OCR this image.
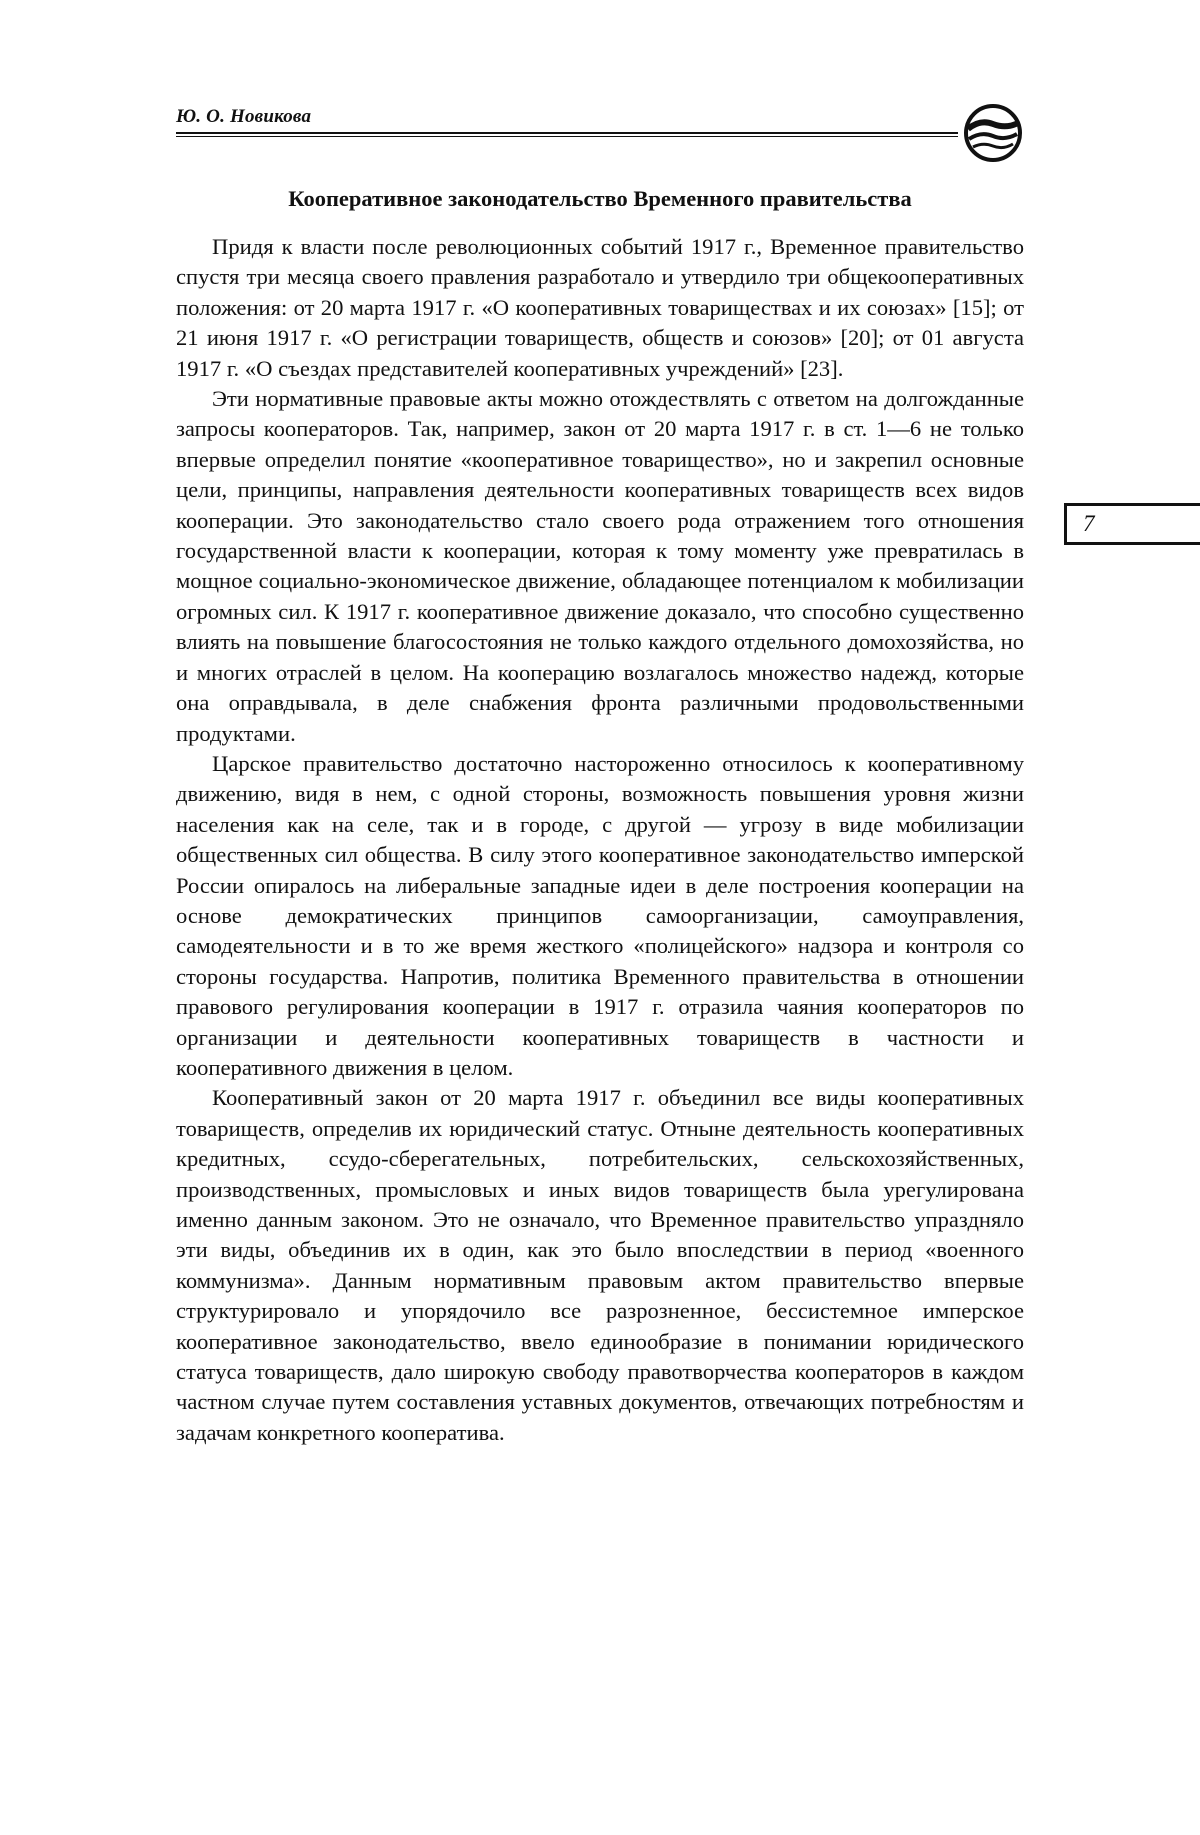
Ю. О. Новикова
7
Кооперативное законодательство Временного правительства

Придя к власти после революционных событий 1917 г., Временное правительство спустя три месяца своего правления разработало и утвердило три общекооперативных положения: от 20 марта 1917 г. «О кооперативных товариществах и их союзах» [15]; от 21 июня 1917 г. «О регистрации товариществ, обществ и союзов» [20]; от 01 августа 1917 г. «О съездах представителей кооперативных учреждений» [23].

Эти нормативные правовые акты можно отождествлять с ответом на долгожданные запросы кооператоров. Так, например, закон от 20 марта 1917 г. в ст. 1—6 не только впервые определил понятие «кооперативное товарищество», но и закрепил основные цели, принципы, направления деятельности кооперативных товариществ всех видов кооперации. Это законодательство стало своего рода отражением того отношения государственной власти к кооперации, которая к тому моменту уже превратилась в мощное социально-экономическое движение, обладающее потенциалом к мобилизации огромных сил. К 1917 г. кооперативное движение доказало, что способно существенно влиять на повышение благосостояния не только каждого отдельного домохозяйства, но и многих отраслей в целом. На кооперацию возлагалось множество надежд, которые она оправдывала, в деле снабжения фронта различными продовольственными продуктами.

Царское правительство достаточно настороженно относилось к кооперативному движению, видя в нем, с одной стороны, возможность повышения уровня жизни населения как на селе, так и в городе, с другой — угрозу в виде мобилизации общественных сил общества. В силу этого кооперативное законодательство имперской России опиралось на либеральные западные идеи в деле построения кооперации на основе демократических принципов самоорганизации, самоуправления, самодеятельности и в то же время жесткого «полицейского» надзора и контроля со стороны государства. Напротив, политика Временного правительства в отношении правового регулирования кооперации в 1917 г. отразила чаяния кооператоров по организации и деятельности кооперативных товариществ в частности и кооперативного движения в целом.

Кооперативный закон от 20 марта 1917 г. объединил все виды кооперативных товариществ, определив их юридический статус. Отныне деятельность кооперативных кредитных, ссудо-сберегательных, потребительских, сельскохозяйственных, производственных, промысловых и иных видов товариществ была урегулирована именно данным законом. Это не означало, что Временное правительство упраздняло эти виды, объединив их в один, как это было впоследствии в период «военного коммунизма». Данным нормативным правовым актом правительство впервые структурировало и упорядочило все разрозненное, бессистемное имперское кооперативное законодательство, ввело единообразие в понимании юридического статуса товариществ, дало широкую свободу правотворчества кооператоров в каждом частном случае путем составления уставных документов, отвечающих потребностям и задачам конкретного кооператива.
